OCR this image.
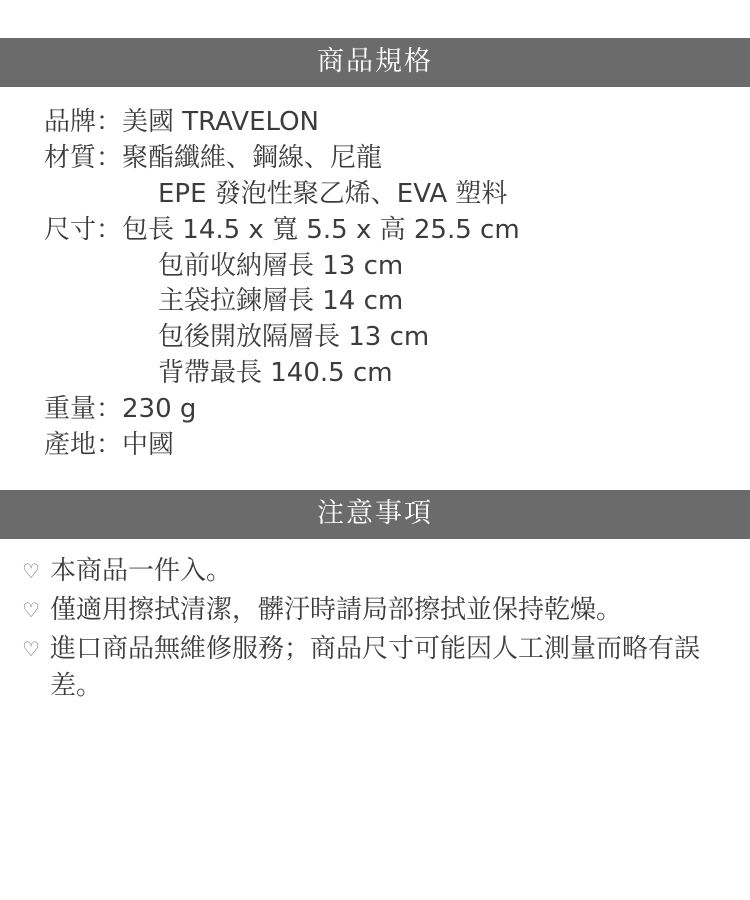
商品規格
品牌： 美國 TRAVELON
材質： 聚酯纖維、鋼線、尼龍
EPE 發泡性聚乙烯、EVA 塑料
尺寸： 包長 14.5 x 寬 5.5 x 高 25.5 cm
包前收納層長 13 cm
主袋拉鍊層長 14 cm
包後開放隔層長 13 cm
背帶最長 140.5 cm
重量： 230 g
產地： 中國
注意事項
♡ 本商品一件入。
♡ 僅適用擦拭清潔，髒汙時請局部擦拭並保持乾燥。
♡ 進口商品無維修服務；商品尺寸可能因人工測量而略有誤差。
